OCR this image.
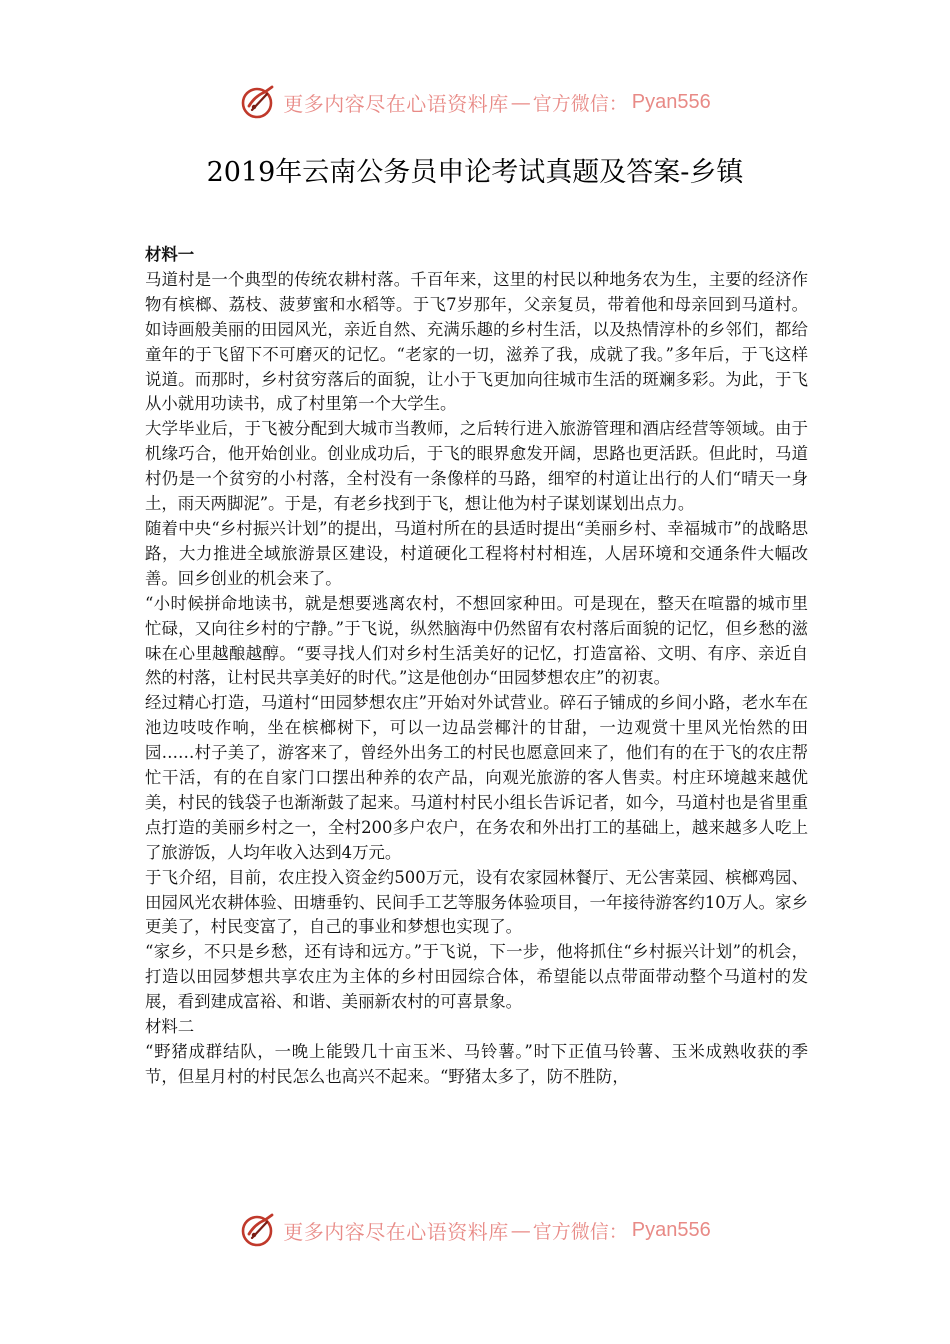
更多内容尽在心语资料库 — 官方微信： Pyan556
2019年云南公务员申论考试真题及答案-乡镇

材料一

马道村是一个典型的传统农耕村落。千百年来，这里的村民以种地务农为生，主要的经济作物有槟榔、荔枝、菠萝蜜和水稻等。于飞7岁那年，父亲复员，带着他和母亲回到马道村。如诗画般美丽的田园风光，亲近自然、充满乐趣的乡村生活，以及热情淳朴的乡邻们，都给童年的于飞留下不可磨灭的记忆。“老家的一切，滋养了我，成就了我。”多年后，于飞这样说道。而那时，乡村贫穷落后的面貌，让小于飞更加向往城市生活的斑斓多彩。为此，于飞从小就用功读书，成了村里第一个大学生。

大学毕业后，于飞被分配到大城市当教师，之后转行进入旅游管理和酒店经营等领域。由于机缘巧合，他开始创业。创业成功后，于飞的眼界愈发开阔，思路也更活跃。但此时，马道村仍是一个贫穷的小村落，全村没有一条像样的马路，细窄的村道让出行的人们“晴天一身土，雨天两脚泥”。于是，有老乡找到于飞，想让他为村子谋划谋划出点力。

随着中央“乡村振兴计划”的提出，马道村所在的县适时提出“美丽乡村、幸福城市”的战略思路，大力推进全域旅游景区建设，村道硬化工程将村村相连，人居环境和交通条件大幅改善。回乡创业的机会来了。

“小时候拼命地读书，就是想要逃离农村，不想回家种田。可是现在，整天在喧嚣的城市里忙碌，又向往乡村的宁静。”于飞说，纵然脑海中仍然留有农村落后面貌的记忆，但乡愁的滋味在心里越酿越醇。“要寻找人们对乡村生活美好的记忆，打造富裕、文明、有序、亲近自然的村落，让村民共享美好的时代。”这是他创办“田园梦想农庄”的初衷。

经过精心打造，马道村“田园梦想农庄”开始对外试营业。碎石子铺成的乡间小路，老水车在池边吱吱作响，坐在槟榔树下，可以一边品尝椰汁的甘甜，一边观赏十里风光怡然的田园……村子美了，游客来了，曾经外出务工的村民也愿意回来了，他们有的在于飞的农庄帮忙干活，有的在自家门口摆出种养的农产品，向观光旅游的客人售卖。村庄环境越来越优美，村民的钱袋子也渐渐鼓了起来。马道村村民小组长告诉记者，如今，马道村也是省里重点打造的美丽乡村之一，全村200多户农户，在务农和外出打工的基础上，越来越多人吃上了旅游饭，人均年收入达到4万元。

于飞介绍，目前，农庄投入资金约500万元，设有农家园林餐厅、无公害菜园、槟榔鸡园、田园风光农耕体验、田塘垂钓、民间手工艺等服务体验项目，一年接待游客约10万人。家乡更美了，村民变富了，自己的事业和梦想也实现了。

“家乡，不只是乡愁，还有诗和远方。”于飞说，下一步，他将抓住“乡村振兴计划”的机会，打造以田园梦想共享农庄为主体的乡村田园综合体，希望能以点带面带动整个马道村的发展，看到建成富裕、和谐、美丽新农村的可喜景象。

材料二

“野猪成群结队，一晚上能毁几十亩玉米、马铃薯。”时下正值马铃薯、玉米成熟收获的季节，但星月村的村民怎么也高兴不起来。“野猪太多了，防不胜防，

更多内容尽在心语资料库 — 官方微信： Pyan556
